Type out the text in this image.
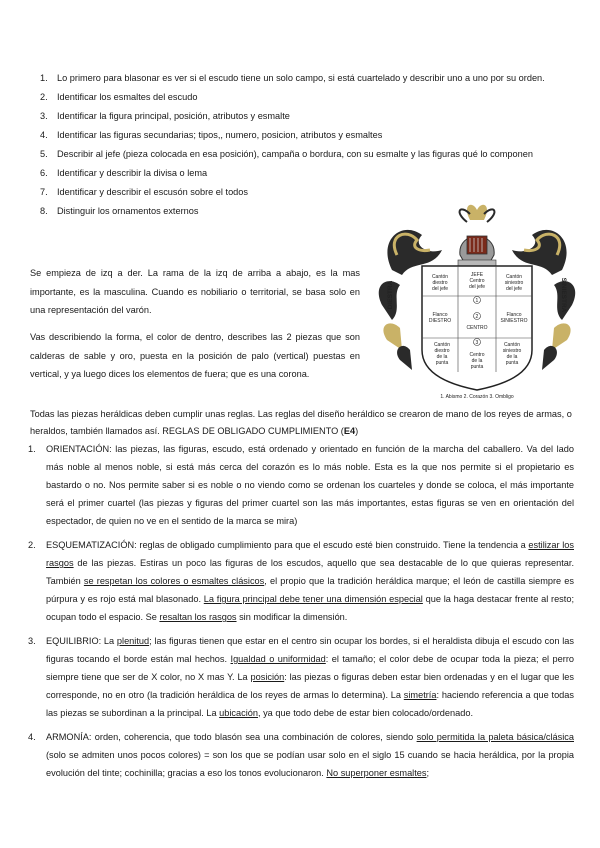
1. Lo primero para blasonar es ver si el escudo tiene un solo campo, si está cuartelado y describir uno a uno por su orden.
2. Identificar los esmaltes del escudo
3. Identificar la figura principal, posición, atributos y esmalte
4. Identificar las figuras secundarias; tipos,, numero, posicion, atributos y esmaltes
5. Describir al jefe (pieza colocada en esa posición), campaña o bordura, con su esmalte y las figuras qué lo componen
6. Identificar y describir la divisa o lema
7. Identificar y describir el escusón sobre el todos
8. Distinguir los ornamentos externos

Se empieza de izq a der. La rama de la izq de arriba a abajo, es la mas importante, es la masculina. Cuando es nobiliario o territorial, se basa solo en una representación del varón.

Vas describiendo la forma, el color de dentro, describes las 2 piezas que son calderas de sable y oro, puesta en la posición de palo (vertical) puestas en vertical, y ya luego dices los elementos de fuera; que es una corona.

1
2
3
Cantón
diestro
del jefe
JEFE
Centro
del jefe
Cantón
siniestro
del jefe
Flanco
DIESTRO
CENTRO
Flanco
SINIESTRO
Cantón
diestro
de la
punta
Centro
de la
punta
Cantón
siniestro
de la
punta
DIESTRA	SINIESTRA
1. Abismo 2. Corazón 3. Ombligo

Todas las piezas heráldicas deben cumplir unas reglas. Las reglas del diseño heráldico se crearon de mano de los reyes de armas, o heraldos, también llamados así. REGLAS DE OBLIGADO CUMPLIMIENTO (E4)

1. ORIENTACIÓN: las piezas, las figuras, escudo, está ordenado y orientado en función de la marcha del caballero. Va del lado más noble al menos noble, si está más cerca del corazón es lo más noble. Esta es la que nos permite si el propietario es bastardo o no. Nos permite saber si es noble o no viendo como se ordenan los cuarteles y donde se coloca, el más importante será el primer cuartel (las piezas y figuras del primer cuartel son las más importantes, estas figuras se ven en orientación del espectador, de quien no ve en el sentido de la marca se mira)
2. ESQUEMATIZACIÓN: reglas de obligado cumplimiento para que el escudo esté bien construido. Tiene la tendencia a estilizar los rasgos de las piezas. Estiras un poco las figuras de los escudos, aquello que sea destacable de lo que quieras representar. También se respetan los colores o esmaltes clásicos, el propio que la tradición heráldica marque; el león de castilla siempre es púrpura y es rojo está mal blasonado. La figura principal debe tener una dimensión especial que la haga destacar frente al resto; ocupan todo el espacio. Se resaltan los rasgos sin modificar la dimensión.
3. EQUILIBRIO: La plenitud; las figuras tienen que estar en el centro sin ocupar los bordes, si el heraldista dibuja el escudo con las figuras tocando el borde están mal hechos. Igualdad o uniformidad: el tamaño; el color debe de ocupar toda la pieza; el perro siempre tiene que ser de X color, no X mas Y. La posición: las piezas o figuras deben estar bien ordenadas y en el lugar que les corresponde, no en otro (la tradición heráldica de los reyes de armas lo determina). La simetría: haciendo referencia a que todas las piezas se subordinan a la principal. La ubicación, ya que todo debe de estar bien colocado/ordenado.
4. ARMONÍA: orden, coherencia, que todo blasón sea una combinación de colores, siendo solo permitida la paleta básica/clásica (solo se admiten unos pocos colores) = son los que se podían usar solo en el siglo 15 cuando se hacia heráldica, por la propia evolución del tinte; cochinilla; gracias a eso los tonos evolucionaron. No superponer esmaltes;
